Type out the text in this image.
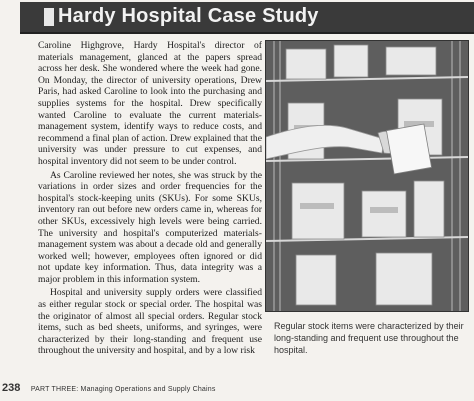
Hardy Hospital Case Study

Caroline Highgrove, Hardy Hospital's director of materials management, glanced at the papers spread across her desk. She wondered where the week had gone. On Monday, the director of university operations, Drew Paris, had asked Caroline to look into the purchasing and supplies systems for the hospital. Drew specifically wanted Caroline to evaluate the current materials-management system, identify ways to reduce costs, and recommend a final plan of action. Drew explained that the university was under pressure to cut expenses, and hospital inventory did not seem to be under control.

As Caroline reviewed her notes, she was struck by the variations in order sizes and order frequencies for the hospital's stock-keeping units (SKUs). For some SKUs, inventory ran out before new orders came in, whereas for other SKUs, excessively high levels were being carried. The university and hospital's computerized materials-management system was about a decade old and generally worked well; however, employees often ignored or did not update key information. Thus, data integrity was a major problem in this information system.

Hospital and university supply orders were classified as either regular stock or special order. The hospital was the originator of almost all special orders. Regular stock items, such as bed sheets, uniforms, and syringes, were characterized by their long-standing and frequent use throughout the university and hospital, and by a low risk

Regular stock items were characterized by their long-standing and frequent use throughout the hospital.
238 PART THREE: Managing Operations and Supply Chains
